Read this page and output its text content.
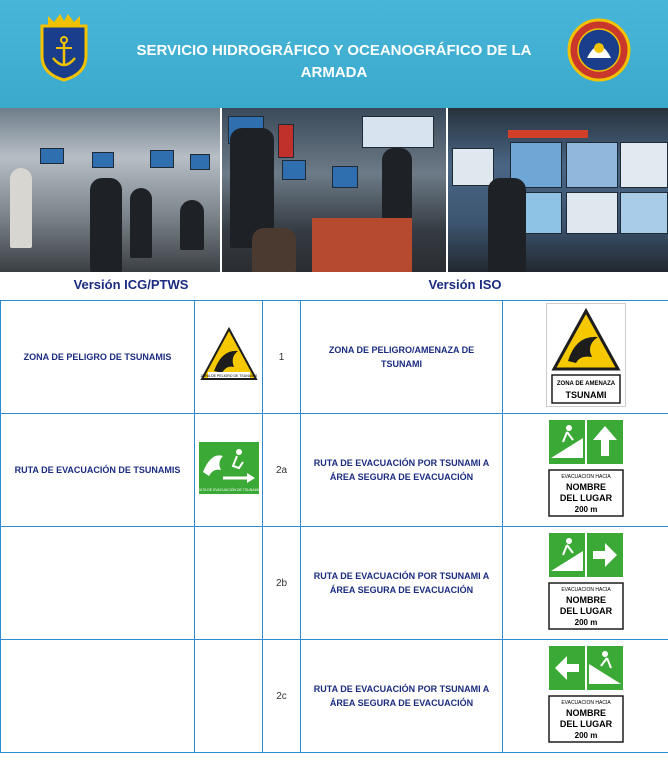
SERVICIO HIDROGRÁFICO Y OCEANOGRÁFICO DE LA ARMADA
Versión ICG/PTWS	Versión ISO
ZONA DE PELIGRO DE TSUNAMIS	ZONA DE PELIGRO DE TSUNAMIS	1	ZONA DE PELIGRO/AMENAZA DE TSUNAMI	ZONA DE AMENAZA
TSUNAMI

RUTA DE EVACUACIÓN DE TSUNAMIS	RUTA DE EVACUACIÓN DE TSUNAMIS	2a	RUTA DE EVACUACIÓN POR TSUNAMI A ÁREA SEGURA DE EVACUACIÓN	EVACUACION HACIA
NOMBRE
DEL LUGAR
200 m

		2b	RUTA DE EVACUACIÓN POR TSUNAMI A ÁREA SEGURA DE EVACUACIÓN	EVACUACION HACIA
NOMBRE
DEL LUGAR
200 m

		2c	RUTA DE EVACUACIÓN POR TSUNAMI A ÁREA SEGURA DE EVACUACIÓN	EVACUACION HACIA
NOMBRE
DEL LUGAR
200 m
